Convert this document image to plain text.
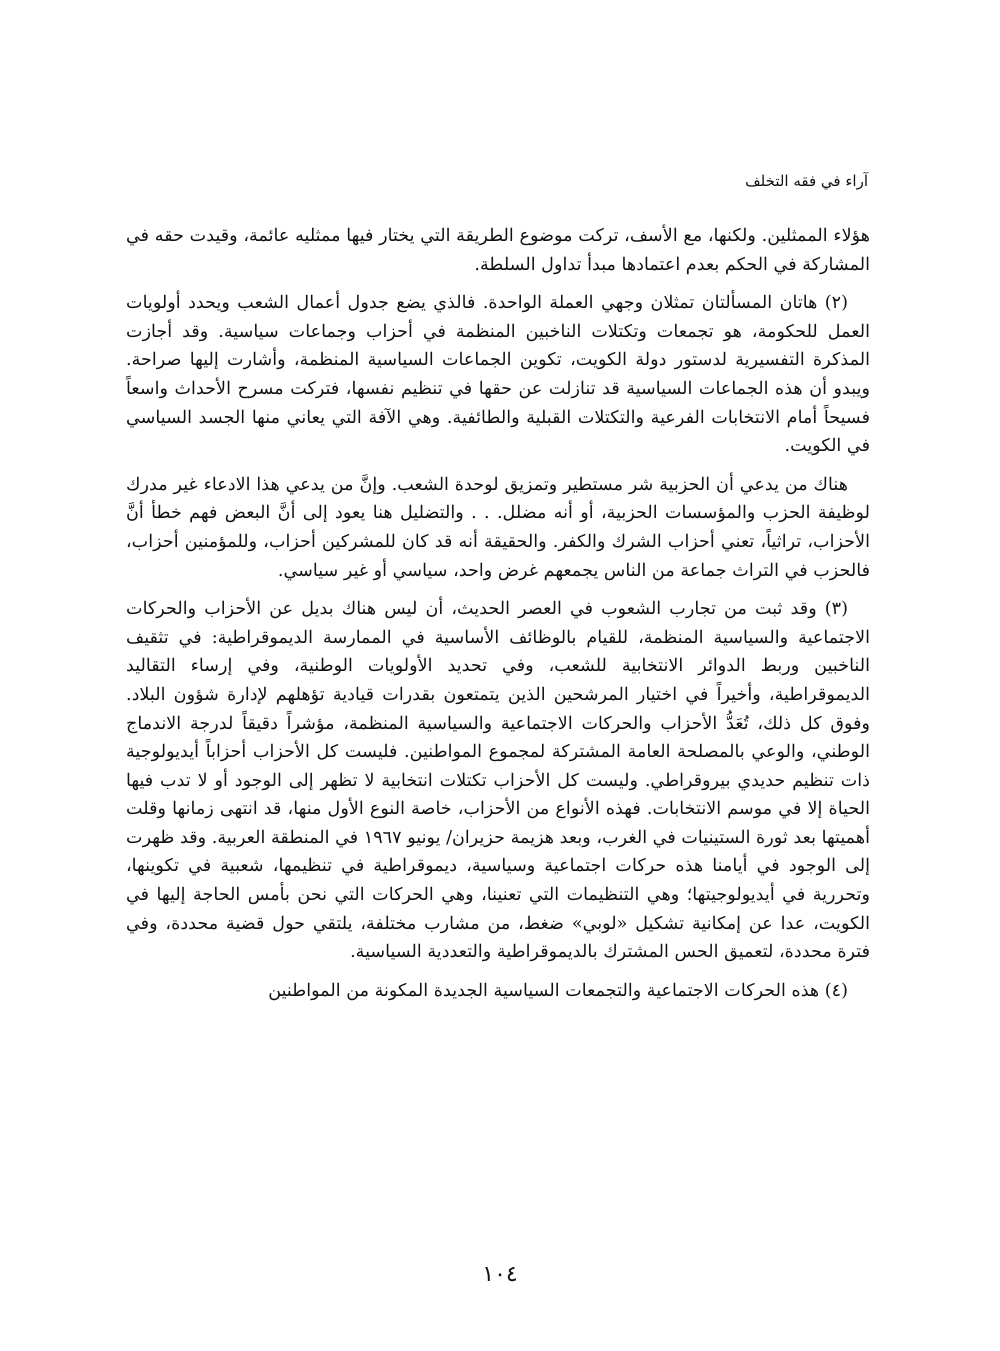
آراء في فقه التخلف

هؤلاء الممثلين. ولكنها، مع الأسف، تركت موضوع الطريقة التي يختار فيها ممثليه عائمة، وقيدت حقه في المشاركة في الحكم بعدم اعتمادها مبدأ تداول السلطة.

(٢) هاتان المسألتان تمثلان وجهي العملة الواحدة. فالذي يضع جدول أعمال الشعب ويحدد أولويات العمل للحكومة، هو تجمعات وتكتلات الناخبين المنظمة في أحزاب وجماعات سياسية. وقد أجازت المذكرة التفسيرية لدستور دولة الكويت، تكوين الجماعات السياسية المنظمة، وأشارت إليها صراحة. ويبدو أن هذه الجماعات السياسية قد تنازلت عن حقها في تنظيم نفسها، فتركت مسرح الأحداث واسعاً فسيحاً أمام الانتخابات الفرعية والتكتلات القبلية والطائفية. وهي الآفة التي يعاني منها الجسد السياسي في الكويت.

هناك من يدعي أن الحزبية شر مستطير وتمزيق لوحدة الشعب. وإنَّ من يدعي هذا الادعاء غير مدرك لوظيفة الحزب والمؤسسات الحزبية، أو أنه مضلل. . . والتضليل هنا يعود إلى أنَّ البعض فهم خطأ أنَّ الأحزاب، تراثياً، تعني أحزاب الشرك والكفر. والحقيقة أنه قد كان للمشركين أحزاب، وللمؤمنين أحزاب، فالحزب في التراث جماعة من الناس يجمعهم غرض واحد، سياسي أو غير سياسي.

(٣) وقد ثبت من تجارب الشعوب في العصر الحديث، أن ليس هناك بديل عن الأحزاب والحركات الاجتماعية والسياسية المنظمة، للقيام بالوظائف الأساسية في الممارسة الديموقراطية: في تثقيف الناخبين وربط الدوائر الانتخابية للشعب، وفي تحديد الأولويات الوطنية، وفي إرساء التقاليد الديموقراطية، وأخيراً في اختيار المرشحين الذين يتمتعون بقدرات قيادية تؤهلهم لإدارة شؤون البلاد. وفوق كل ذلك، تُعَدُّ الأحزاب والحركات الاجتماعية والسياسية المنظمة، مؤشراً دقيقاً لدرجة الاندماج الوطني، والوعي بالمصلحة العامة المشتركة لمجموع المواطنين. فليست كل الأحزاب أحزاباً أيديولوجية ذات تنظيم حديدي بيروقراطي. وليست كل الأحزاب تكتلات انتخابية لا تظهر إلى الوجود أو لا تدب فيها الحياة إلا في موسم الانتخابات. فهذه الأنواع من الأحزاب، خاصة النوع الأول منها، قد انتهى زمانها وقلت أهميتها بعد ثورة الستينيات في الغرب، وبعد هزيمة حزيران/ يونيو ١٩٦٧ في المنطقة العربية. وقد ظهرت إلى الوجود في أيامنا هذه حركات اجتماعية وسياسية، ديموقراطية في تنظيمها، شعبية في تكوينها، وتحررية في أيديولوجيتها؛ وهي التنظيمات التي تعنينا، وهي الحركات التي نحن بأمس الحاجة إليها في الكويت، عدا عن إمكانية تشكيل «لوبي» ضغط، من مشارب مختلفة، يلتقي حول قضية محددة، وفي فترة محددة، لتعميق الحس المشترك بالديموقراطية والتعددية السياسية.

(٤) هذه الحركات الاجتماعية والتجمعات السياسية الجديدة المكونة من المواطنين

١٠٤
